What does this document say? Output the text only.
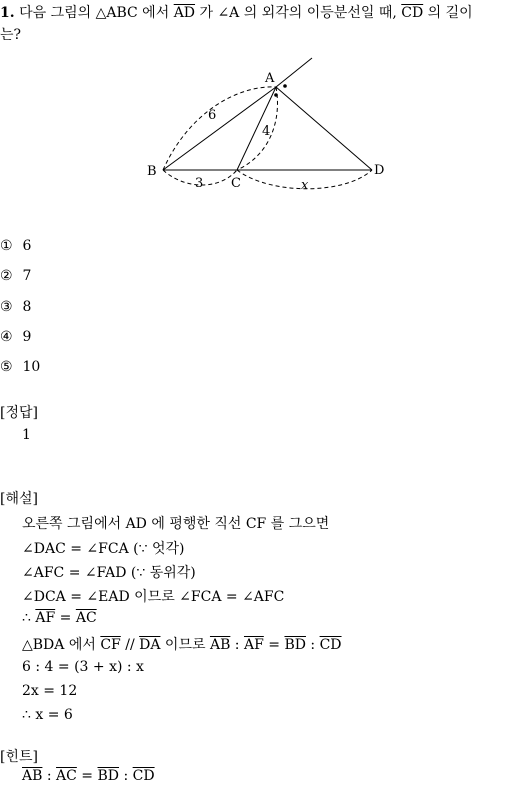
1. 다음 그림의 △ABC 에서 $\overline{AD}$ 가 ∠A 의 외각의 이등분선일 때, $\overline{CD}$ 의 길이
는?
A
B
C
D
6
4
3	x
① 6
② 7
③ 8
④ 9
⑤ 10
[정답]
1
[해설]
오른쪽 그림에서 AD 에 평행한 직선 CF 를 그으면
∠DAC = ∠FCA (∵ 엇각)
∠AFC = ∠FAD (∵ 동위각)
∠DCA = ∠EAD 이므로 ∠FCA = ∠AFC
∴ $\overline{AF} = \overline{AC}$
△BDA 에서 $\overline{CF} // \overline{DA}$ 이므로 $\overline{AB}$ : $\overline{AF} = \overline{BD}$ : $\overline{CD}$
6 : 4 = (3 + x) : x
2x = 12
∴ x = 6
[힌트]
$\overline{AB}$ : $\overline{AC} = \overline{BD}$ : $\overline{CD}$
